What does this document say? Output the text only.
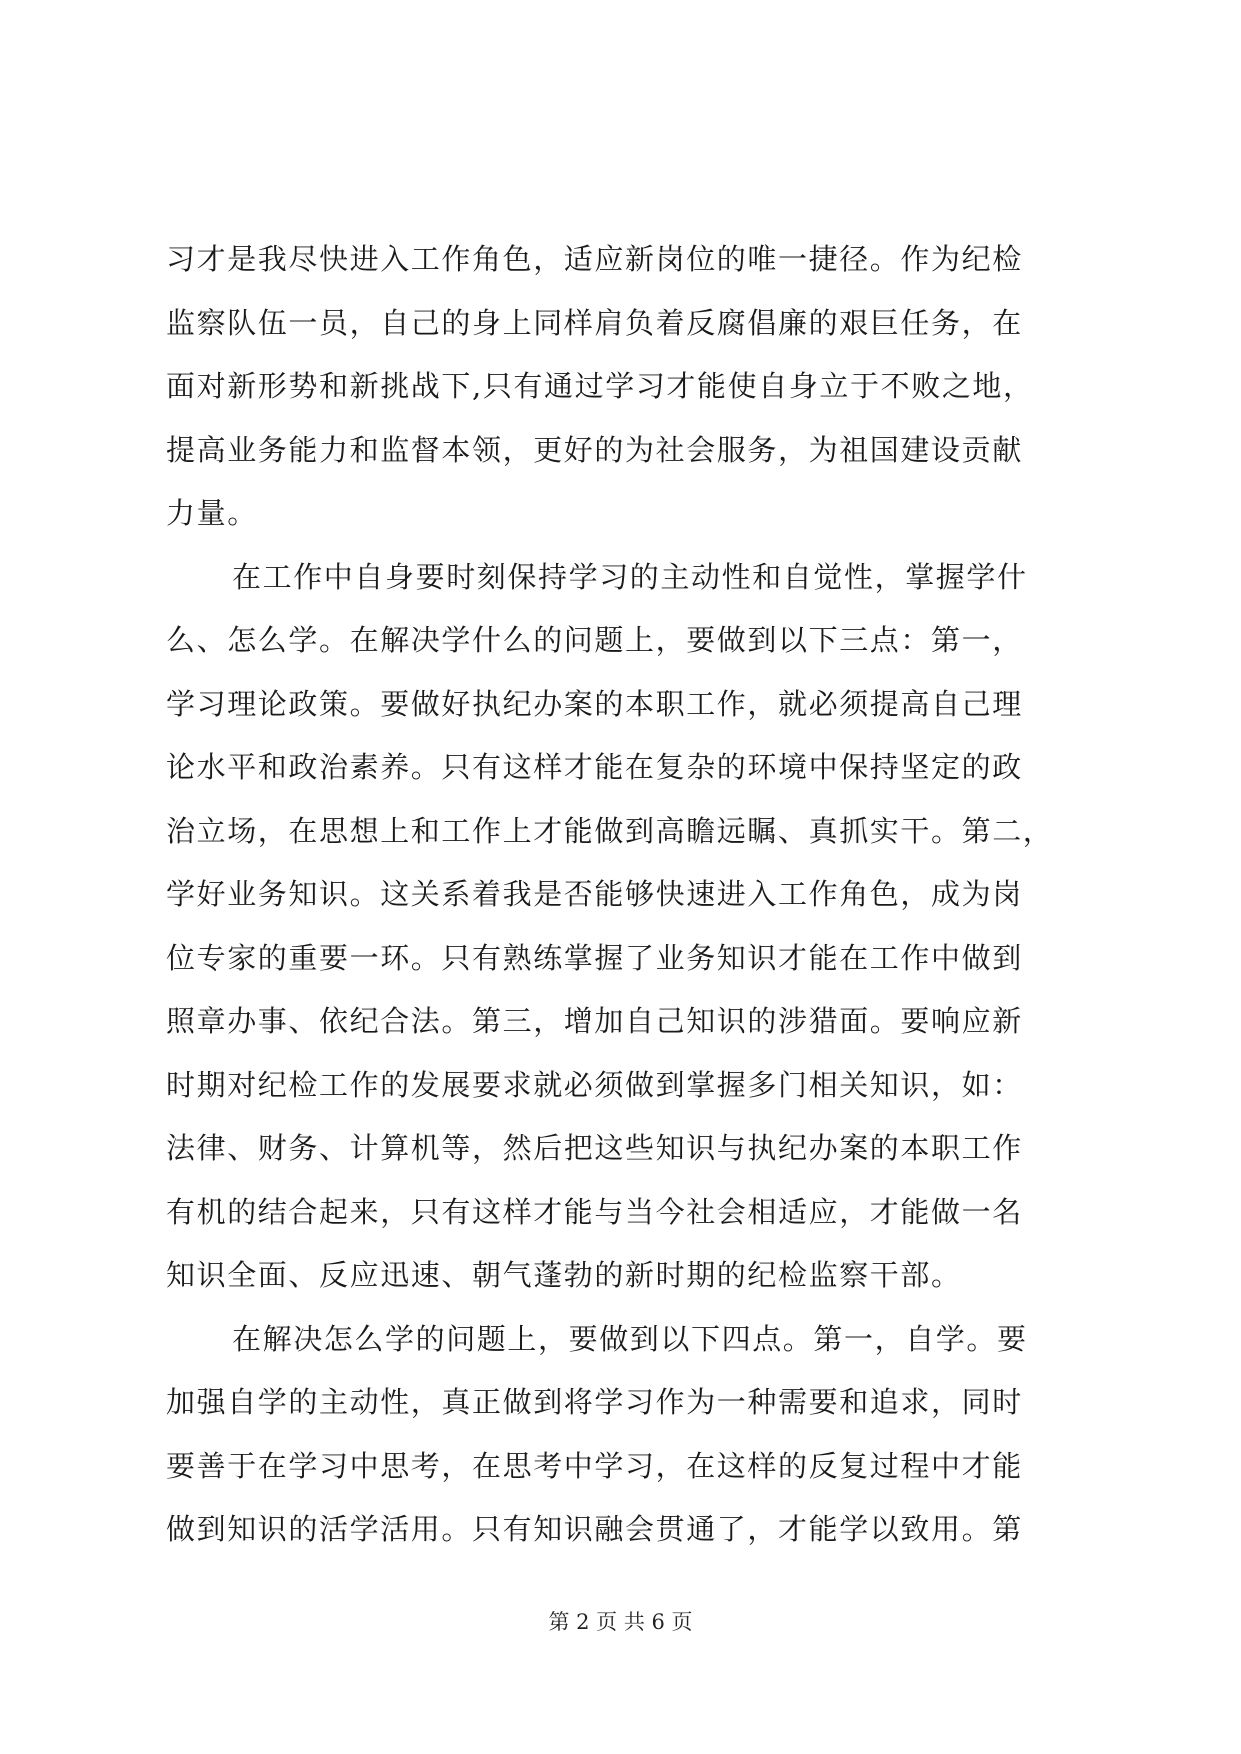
习才是我尽快进入工作角色，适应新岗位的唯一捷径。作为纪检
监察队伍一员，自己的身上同样肩负着反腐倡廉的艰巨任务，在
面对新形势和新挑战下,只有通过学习才能使自身立于不败之地，
提高业务能力和监督本领，更好的为社会服务，为祖国建设贡献
力量。
在工作中自身要时刻保持学习的主动性和自觉性，掌握学什
么、怎么学。在解决学什么的问题上，要做到以下三点：第一，
学习理论政策。要做好执纪办案的本职工作，就必须提高自己理
论水平和政治素养。只有这样才能在复杂的环境中保持坚定的政
治立场，在思想上和工作上才能做到高瞻远瞩、真抓实干。第二，
学好业务知识。这关系着我是否能够快速进入工作角色，成为岗
位专家的重要一环。只有熟练掌握了业务知识才能在工作中做到
照章办事、依纪合法。第三，增加自己知识的涉猎面。要响应新
时期对纪检工作的发展要求就必须做到掌握多门相关知识，如：
法律、财务、计算机等，然后把这些知识与执纪办案的本职工作
有机的结合起来，只有这样才能与当今社会相适应，才能做一名
知识全面、反应迅速、朝气蓬勃的新时期的纪检监察干部。
在解决怎么学的问题上，要做到以下四点。第一，自学。要
加强自学的主动性，真正做到将学习作为一种需要和追求，同时
要善于在学习中思考，在思考中学习，在这样的反复过程中才能
做到知识的活学活用。只有知识融会贯通了，才能学以致用。第
第 2 页 共 6 页
